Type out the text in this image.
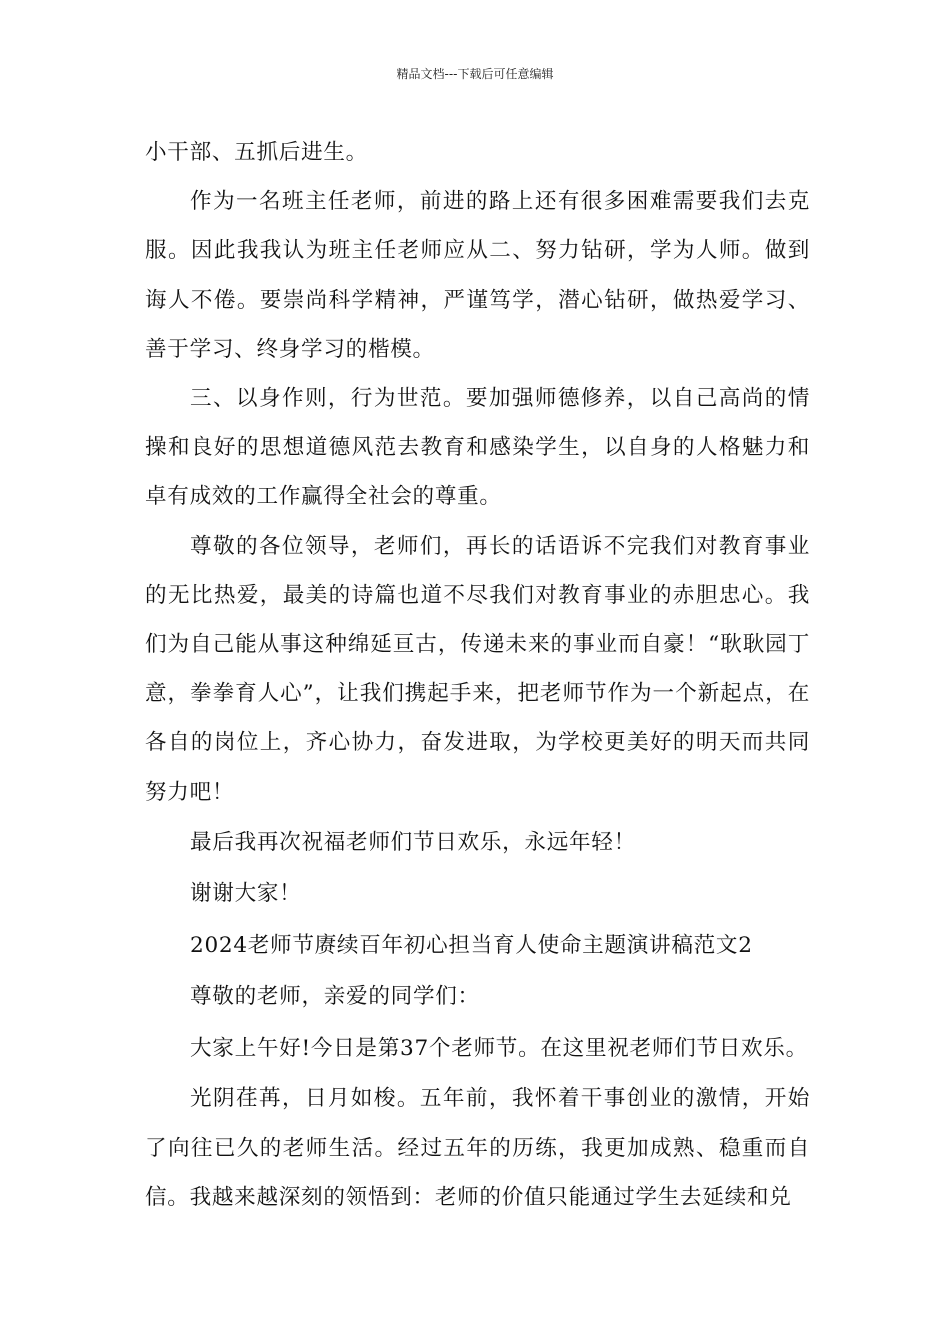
精品文档---下载后可任意编辑

小干部、五抓后进生。

作为一名班主任老师，前进的路上还有很多困难需要我们去克服。因此我我认为班主任老师应从二、努力钻研，学为人师。做到诲人不倦。要崇尚科学精神，严谨笃学，潜心钻研，做热爱学习、善于学习、终身学习的楷模。

三、以身作则，行为世范。要加强师德修养，以自己高尚的情操和良好的思想道德风范去教育和感染学生，以自身的人格魅力和卓有成效的工作赢得全社会的尊重。

尊敬的各位领导，老师们，再长的话语诉不完我们对教育事业的无比热爱，最美的诗篇也道不尽我们对教育事业的赤胆忠心。我们为自己能从事这种绵延亘古，传递未来的事业而自豪！“耿耿园丁意，拳拳育人心”，让我们携起手来，把老师节作为一个新起点，在各自的岗位上，齐心协力，奋发进取，为学校更美好的明天而共同努力吧！

最后我再次祝福老师们节日欢乐，永远年轻！

谢谢大家！

2024老师节赓续百年初心担当育人使命主题演讲稿范文2

尊敬的老师，亲爱的同学们：

大家上午好!今日是第37个老师节。在这里祝老师们节日欢乐。

光阴荏苒，日月如梭。五年前，我怀着干事创业的激情，开始了向往已久的老师生活。经过五年的历练，我更加成熟、稳重而自信。我越来越深刻的领悟到：老师的价值只能通过学生去延续和兑
